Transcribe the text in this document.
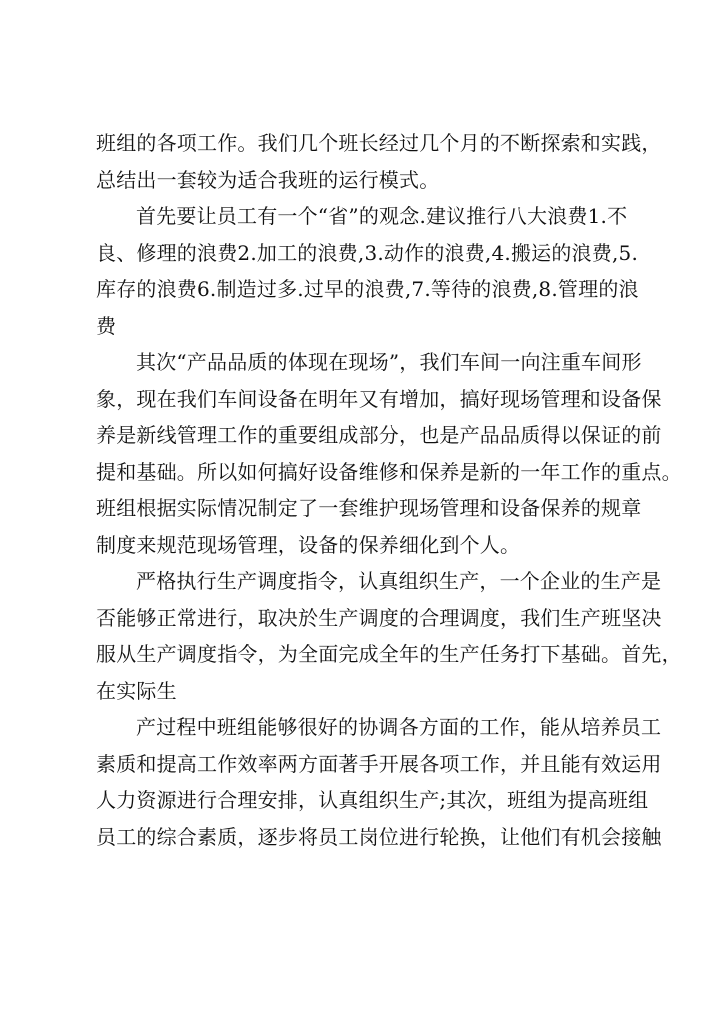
班组的各项工作。我们几个班长经过几个月的不断探索和实践，
总结出一套较为适合我班的运行模式。
首先要让员工有一个“省”的观念.建议推行八大浪费1.不
良、修理的浪费2.加工的浪费,3.动作的浪费,4.搬运的浪费,5.
库存的浪费6.制造过多.过早的浪费,7.等待的浪费,8.管理的浪
费
其次“产品品质的体现在现场”，我们车间一向注重车间形
象，现在我们车间设备在明年又有增加，搞好现场管理和设备保
养是新线管理工作的重要组成部分，也是产品品质得以保证的前
提和基础。所以如何搞好设备维修和保养是新的一年工作的重点。
班组根据实际情况制定了一套维护现场管理和设备保养的规章
制度来规范现场管理，设备的保养细化到个人。
严格执行生产调度指令，认真组织生产，一个企业的生产是
否能够正常进行，取决於生产调度的合理调度，我们生产班坚决
服从生产调度指令，为全面完成全年的生产任务打下基础。首先，
在实际生
产过程中班组能够很好的协调各方面的工作，能从培养员工
素质和提高工作效率两方面著手开展各项工作，并且能有效运用
人力资源进行合理安排，认真组织生产;其次，班组为提高班组
员工的综合素质，逐步将员工岗位进行轮换，让他们有机会接触
